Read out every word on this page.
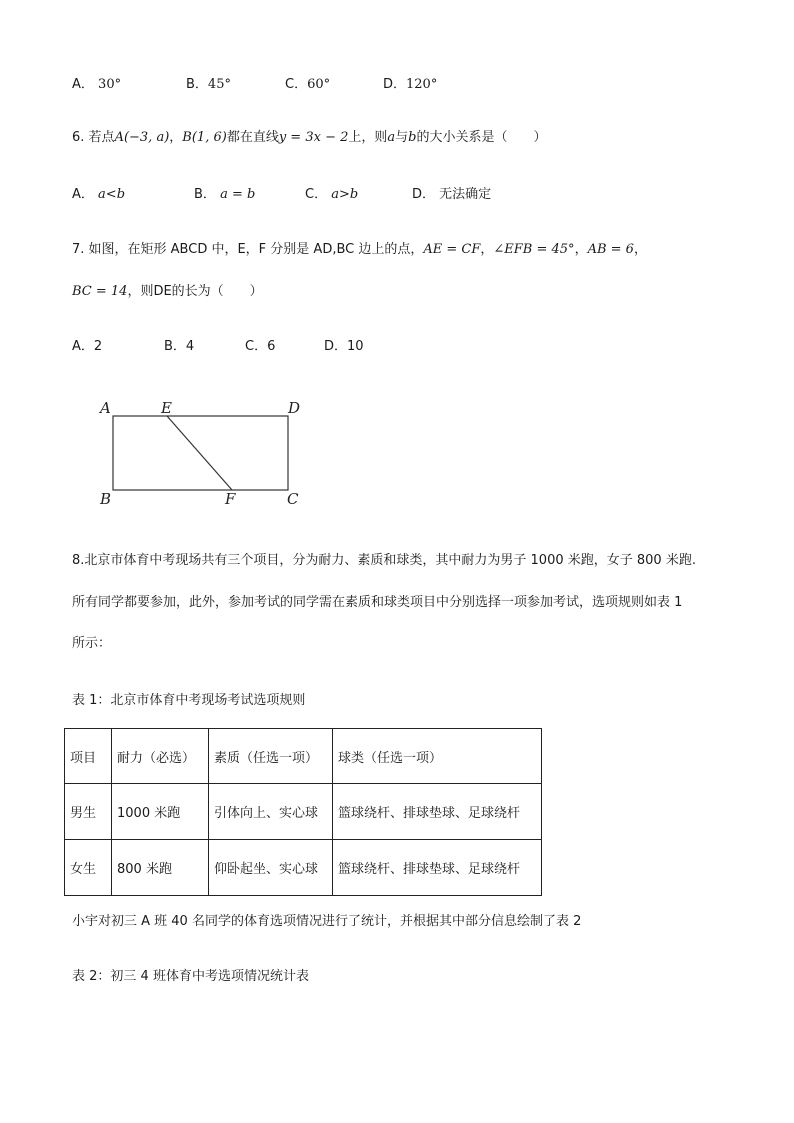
A． 30°	B．45°	C．60°	D．120°
6. 若点A(−3, a)，B(1, 6)都在直线y = 3x − 2上，则a与b的大小关系是（　　）
A． a<b	B． a = b	C． a>b	D． 无法确定
7. 如图，在矩形 ABCD 中，E，F 分别是 AD,BC 边上的点，AE = CF，∠EFB = 45°，AB = 6，
BC = 14，则DE的长为（　　）
A．2	B．4	C．6	D．10
A	E	D
B	F	C
8.北京市体育中考现场共有三个项目，分为耐力、素质和球类，其中耐力为男子 1000 米跑，女子 800 米跑.
所有同学都要参加，此外，参加考试的同学需在素质和球类项目中分别选择一项参加考试，选项规则如表 1
所示：
表 1：北京市体育中考现场考试选项规则
项目	耐力（必选）	素质（任选一项）	球类（任选一项）
男生	1000 米跑	引体向上、实心球	篮球绕杆、排球垫球、足球绕杆
女生	800 米跑	仰卧起坐、实心球	篮球绕杆、排球垫球、足球绕杆
小宇对初三 A 班 40 名同学的体育选项情况进行了统计，并根据其中部分信息绘制了表 2
表 2：初三 4 班体育中考选项情况统计表
